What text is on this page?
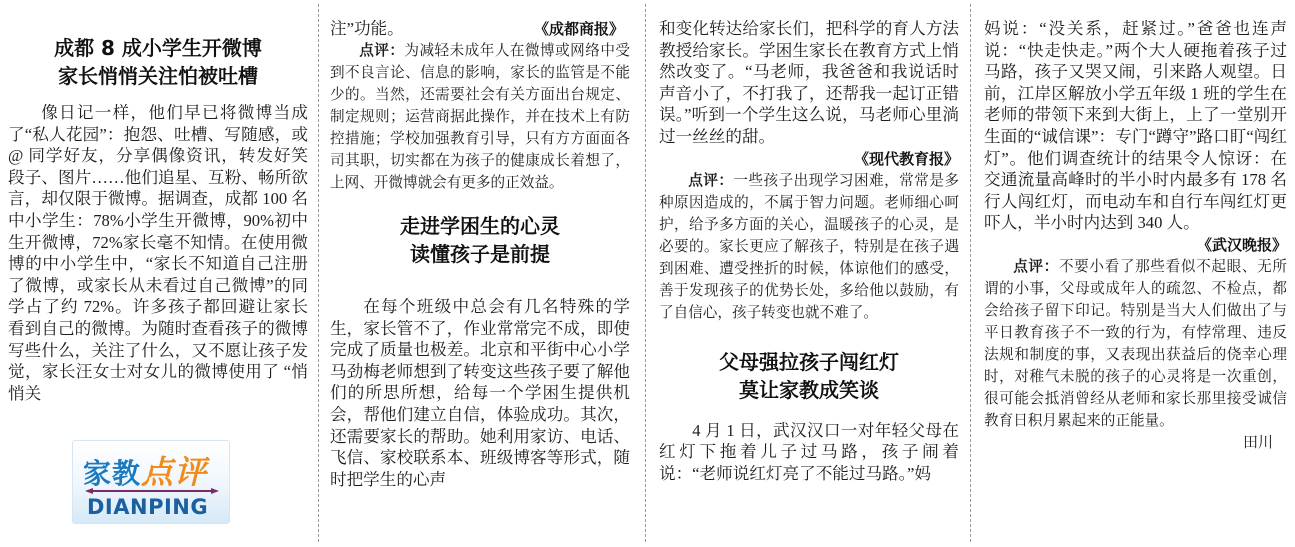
成都 8 成小学生开微博
家长悄悄关注怕被吐槽
像日记一样，他们早已将微博当成了“私人花园”：抱怨、吐槽、写随感，或 @ 同学好友，分享偶像资讯，转发好笑段子、图片……他们追星、互粉、畅所欲言，却仅限于微博。据调查，成都 100 名中小学生：78%小学生开微博，90%初中生开微博，72%家长毫不知情。在使用微博的中小学生中，“家长不知道自己注册了微博，或家长从未看过自己微博”的同学占了约 72%。许多孩子都回避让家长看到自己的微博。为随时查看孩子的微博写些什么，关注了什么，又不愿让孩子发觉，家长汪女士对女儿的微博使用了 “悄悄关
家教点评
DIANPING
注”功能。	《成都商报》
点评：为减轻未成年人在微博或网络中受到不良言论、信息的影响，家长的监管是不能少的。当然，还需要社会有关方面出台规定、制定规则；运营商据此操作，并在技术上有防控措施；学校加强教育引导，只有方方面面各司其职，切实都在为孩子的健康成长着想了，上网、开微博就会有更多的正效益。
走进学困生的心灵
读懂孩子是前提
在每个班级中总会有几名特殊的学生，家长管不了，作业常常完不成，即使完成了质量也极差。北京和平街中心小学马劲梅老师想到了转变这些孩子要了解他们的所思所想，给每一个学困生提供机会，帮他们建立自信，体验成功。其次，还需要家长的帮助。她利用家访、电话、飞信、家校联系本、班级博客等形式，随时把学生的心声
和变化转达给家长们，把科学的育人方法教授给家长。学困生家长在教育方式上悄然改变了。“马老师，我爸爸和我说话时声音小了，不打我了，还帮我一起订正错误。”听到一个学生这么说，马老师心里淌过一丝丝的甜。
《现代教育报》
点评：一些孩子出现学习困难，常常是多种原因造成的，不属于智力问题。老师细心呵护，给予多方面的关心，温暖孩子的心灵，是必要的。家长更应了解孩子，特别是在孩子遇到困难、遭受挫折的时候，体谅他们的感受，善于发现孩子的优势长处，多给他以鼓励，有了自信心，孩子转变也就不难了。
父母强拉孩子闯红灯
莫让家教成笑谈
4 月 1 日，武汉汉口一对年轻父母在红灯下拖着儿子过马路，孩子闹着说：“老师说红灯亮了不能过马路。”妈
妈说：“没关系，赶紧过。”爸爸也连声说：“快走快走。”两个大人硬拖着孩子过马路，孩子又哭又闹，引来路人观望。日前，江岸区解放小学五年级 1 班的学生在老师的带领下来到大街上，上了一堂别开生面的“诚信课”：专门“蹲守”路口盯“闯红灯”。他们调查统计的结果令人惊讶：在交通流量高峰时的半小时内最多有 178 名行人闯红灯，而电动车和自行车闯红灯更吓人，半小时内达到 340 人。
《武汉晚报》
点评：不要小看了那些看似不起眼、无所谓的小事，父母或成年人的疏忽、不检点，都会给孩子留下印记。特别是当大人们做出了与平日教育孩子不一致的行为，有悖常理、违反法规和制度的事，又表现出获益后的侥幸心理时，对稚气未脱的孩子的心灵将是一次重创，很可能会抵消曾经从老师和家长那里接受诚信教育日积月累起来的正能量。
田川
